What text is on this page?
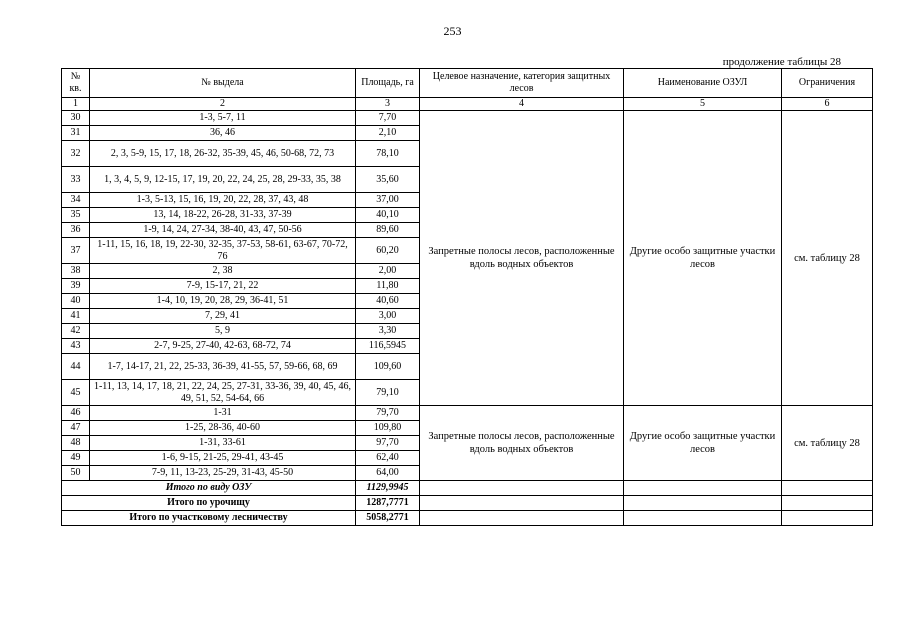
253
продолжение таблицы 28
№ кв.	№ выдела	Площадь, га	Целевое назначение, категория защитных лесов	Наименование ОЗУЛ	Ограничения
1	2	3	4	5	6
30	1-3, 5-7, 11	7,70	Запретные полосы лесов, расположенные вдоль водных объектов	Другие особо защитные участки лесов	см. таблицу 28
31	36, 46	2,10			
32	2, 3, 5-9, 15, 17, 18, 26-32, 35-39, 45, 46, 50-68, 72, 73	78,10			
33	1, 3, 4, 5, 9, 12-15, 17, 19, 20, 22, 24, 25, 28, 29-33, 35, 38	35,60			
34	1-3, 5-13, 15, 16, 19, 20, 22, 28, 37, 43, 48	37,00			
35	13, 14, 18-22, 26-28, 31-33, 37-39	40,10			
36	1-9, 14, 24, 27-34, 38-40, 43, 47, 50-56	89,60			
37	1-11, 15, 16, 18, 19, 22-30, 32-35, 37-53, 58-61, 63-67, 70-72, 76	60,20			
38	2, 38	2,00			
39	7-9, 15-17, 21, 22	11,80			
40	1-4, 10, 19, 20, 28, 29, 36-41, 51	40,60			
41	7, 29, 41	3,00			
42	5, 9	3,30			
43	2-7, 9-25, 27-40, 42-63, 68-72, 74	116,5945			
44	1-7, 14-17, 21, 22, 25-33, 36-39, 41-55, 57, 59-66, 68, 69	109,60			
45	1-11, 13, 14, 17, 18, 21, 22, 24, 25, 27-31, 33-36, 39, 40, 45, 46, 49, 51, 52, 54-64, 66	79,10			
46	1-31	79,70	Запретные полосы лесов, расположенные вдоль водных объектов	Другие особо защитные участки лесов	см. таблицу 28
47	1-25, 28-36, 40-60	109,80			
48	1-31, 33-61	97,70			
49	1-6, 9-15, 21-25, 29-41, 43-45	62,40			
50	7-9, 11, 13-23, 25-29, 31-43, 45-50	64,00			
Итого по виду ОЗУ		1129,9945			
Итого по урочищу		1287,7771			
Итого по участковому лесничеству		5058,2771			
